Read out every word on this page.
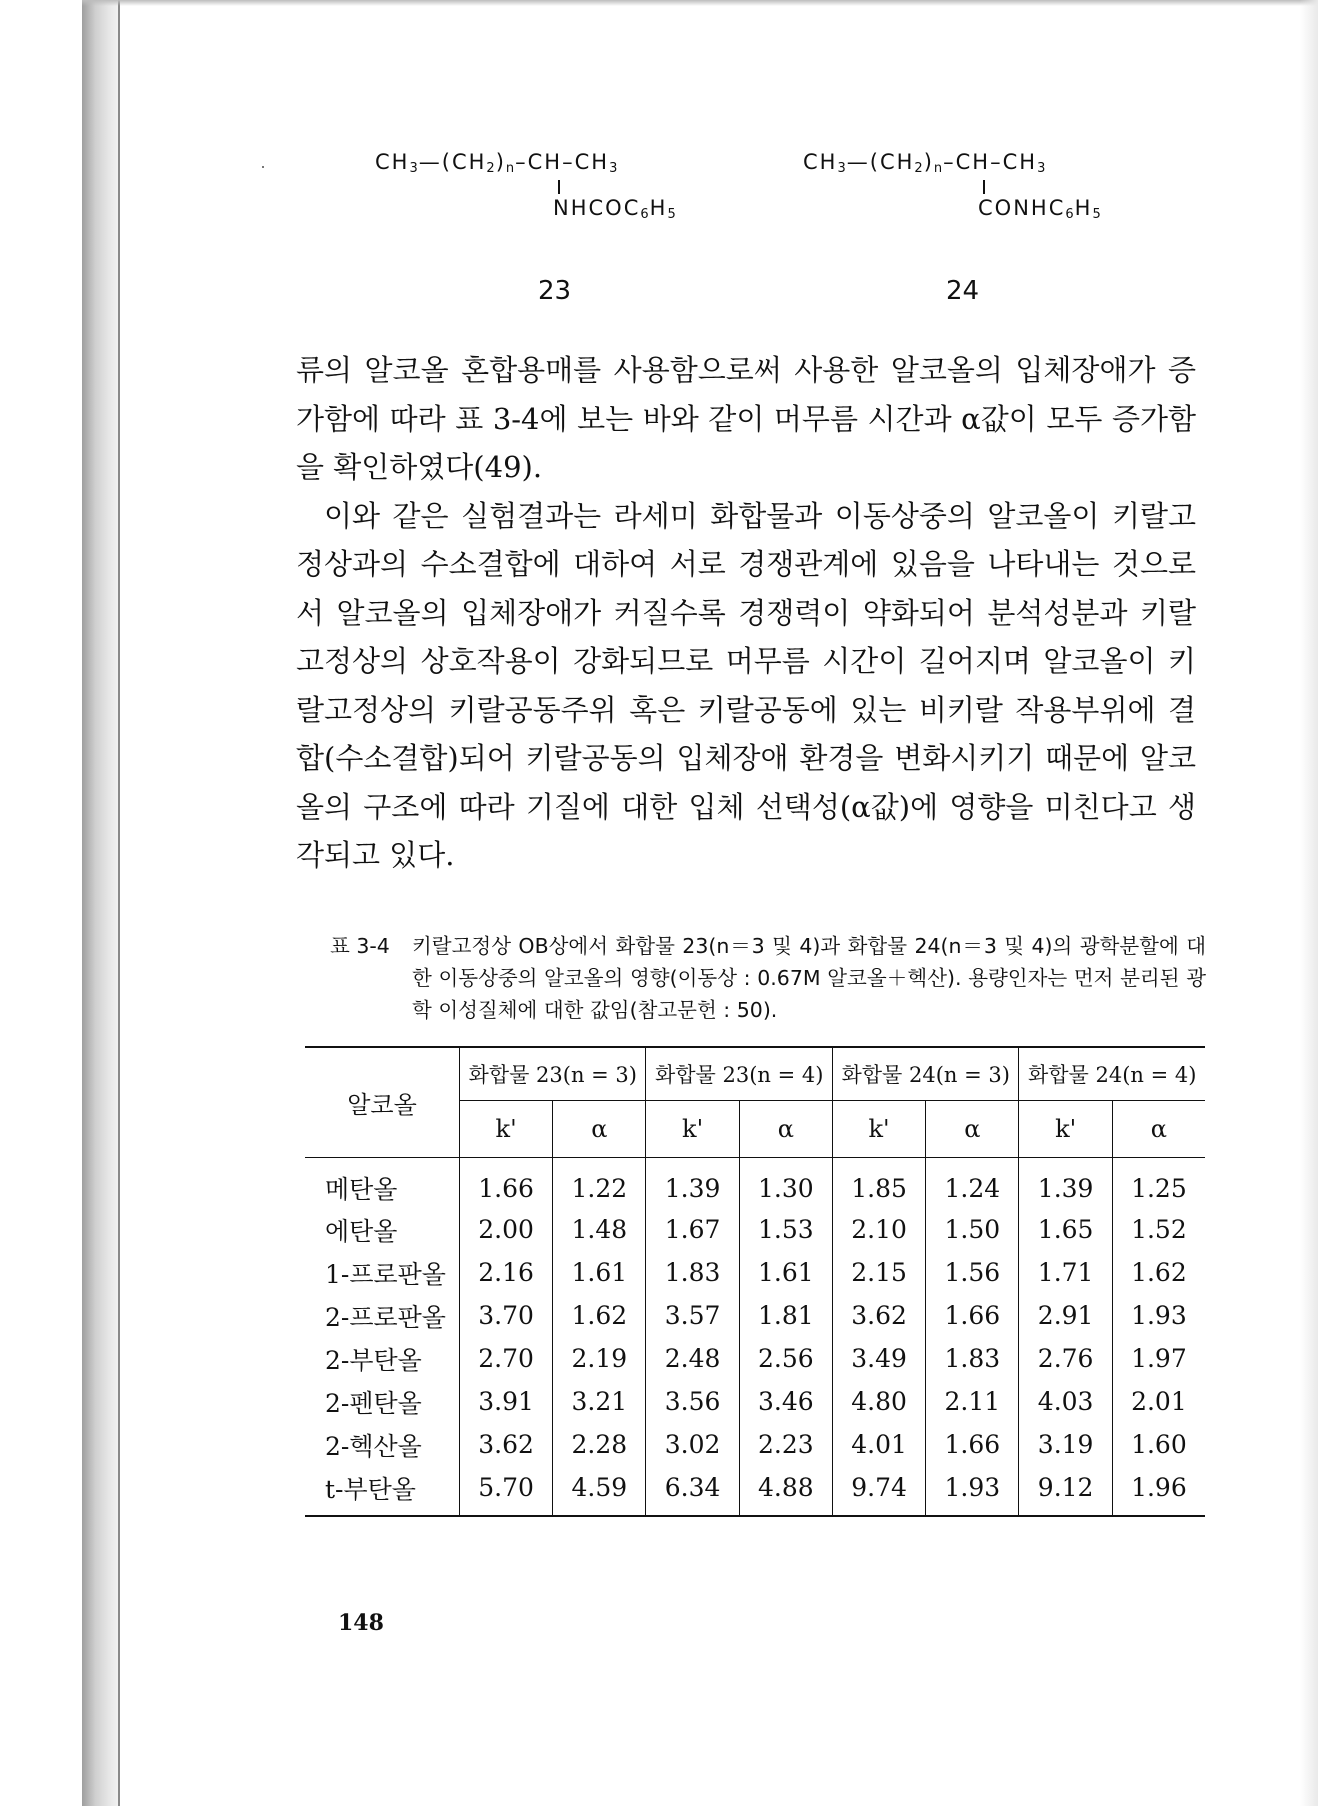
$CH_3—(CH_2)_n-CH-CH_3$
$NHCOC_6H_5$
23
$CH_3—(CH_2)_n-CH-CH_3$
$CONHC_6H_5$
24

류의 알코올 혼합용매를 사용함으로써 사용한 알코올의 입체장애가 증가함에 따라 표 3-4에 보는 바와 같이 머무름 시간과 α값이 모두 증가함을 확인하였다(49).

이와 같은 실험결과는 라세미 화합물과 이동상중의 알코올이 키랄고정상과의 수소결합에 대하여 서로 경쟁관계에 있음을 나타내는 것으로서 알코올의 입체장애가 커질수록 경쟁력이 약화되어 분석성분과 키랄고정상의 상호작용이 강화되므로 머무름 시간이 길어지며 알코올이 키랄고정상의 키랄공동주위 혹은 키랄공동에 있는 비키랄 작용부위에 결합(수소결합)되어 키랄공동의 입체장애 환경을 변화시키기 때문에 알코올의 구조에 따라 기질에 대한 입체 선택성(α값)에 영향을 미친다고 생각되고 있다.

표 3-4 키랄고정상 OB상에서 화합물 23(n＝3 및 4)과 화합물 24(n＝3 및 4)의 광학분할에 대한 이동상중의 알코올의 영향(이동상 : 0.67M 알코올＋헥산). 용량인자는 먼저 분리된 광학 이성질체에 대한 값임(참고문헌 : 50).
알코올	화합물 23(n = 3)		화합물 23(n = 4)		화합물 24(n = 3)		화합물 24(n = 4)	
	k'	α	k'	α	k'	α	k'	α
메탄올	1.66	1.22	1.39	1.30	1.85	1.24	1.39	1.25
에탄올	2.00	1.48	1.67	1.53	2.10	1.50	1.65	1.52
1-프로판올	2.16	1.61	1.83	1.61	2.15	1.56	1.71	1.62
2-프로판올	3.70	1.62	3.57	1.81	3.62	1.66	2.91	1.93
2-부탄올	2.70	2.19	2.48	2.56	3.49	1.83	2.76	1.97
2-펜탄올	3.91	3.21	3.56	3.46	4.80	2.11	4.03	2.01
2-헥산올	3.62	2.28	3.02	2.23	4.01	1.66	3.19	1.60
t-부탄올	5.70	4.59	6.34	4.88	9.74	1.93	9.12	1.96
148
